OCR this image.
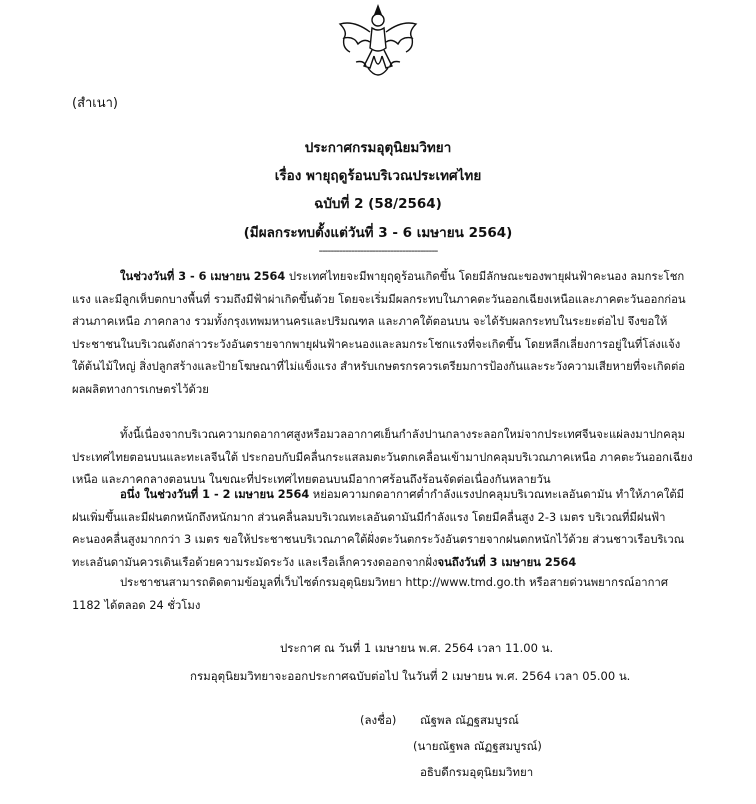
(สำเนา)
ประกาศกรมอุตุนิยมวิทยา
เรื่อง พายุฤดูร้อนบริเวณประเทศไทย
ฉบับที่ 2 (58/2564)
(มีผลกระทบตั้งแต่วันที่ 3 - 6 เมษายน 2564)
----------------------------------------
ในช่วงวันที่ 3 - 6 เมษายน 2564 ประเทศไทยจะมีพายุฤดูร้อนเกิดขึ้น โดยมีลักษณะของพายุฝนฟ้าคะนอง ลมกระโชกแรง และมีลูกเห็บตกบางพื้นที่ รวมถึงมีฟ้าผ่าเกิดขึ้นด้วย โดยจะเริ่มมีผลกระทบในภาคตะวันออกเฉียงเหนือและภาคตะวันออกก่อน ส่วนภาคเหนือ ภาคกลาง รวมทั้งกรุงเทพมหานครและปริมณฑล และภาคใต้ตอนบน จะได้รับผลกระทบในระยะต่อไป จึงขอให้ประชาชนในบริเวณดังกล่าวระวังอันตรายจากพายุฝนฟ้าคะนองและลมกระโชกแรงที่จะเกิดขึ้น โดยหลีกเลี่ยงการอยู่ในที่โล่งแจ้ง ใต้ต้นไม้ใหญ่ สิ่งปลูกสร้างและป้ายโฆษณาที่ไม่แข็งแรง สำหรับเกษตรกรควรเตรียมการป้องกันและระวังความเสียหายที่จะเกิดต่อผลผลิตทางการเกษตรไว้ด้วย
ทั้งนี้เนื่องจากบริเวณความกดอากาศสูงหรือมวลอากาศเย็นกำลังปานกลางระลอกใหม่จากประเทศจีนจะแผ่ลงมาปกคลุมประเทศไทยตอนบนและทะเลจีนใต้ ประกอบกับมีคลื่นกระแสลมตะวันตกเคลื่อนเข้ามาปกคลุมบริเวณภาคเหนือ ภาคตะวันออกเฉียงเหนือ และภาคกลางตอนบน ในขณะที่ประเทศไทยตอนบนมีอากาศร้อนถึงร้อนจัดต่อเนื่องกันหลายวัน
อนึ่ง ในช่วงวันที่ 1 - 2 เมษายน 2564 หย่อมความกดอากาศต่ำกำลังแรงปกคลุมบริเวณทะเลอันดามัน ทำให้ภาคใต้มีฝนเพิ่มขึ้นและมีฝนตกหนักถึงหนักมาก ส่วนคลื่นลมบริเวณทะเลอันดามันมีกำลังแรง โดยมีคลื่นสูง 2-3 เมตร บริเวณที่มีฝนฟ้าคะนองคลื่นสูงมากกว่า 3 เมตร ขอให้ประชาชนบริเวณภาคใต้ฝั่งตะวันตกระวังอันตรายจากฝนตกหนักไว้ด้วย ส่วนชาวเรือบริเวณทะเลอันดามันควรเดินเรือด้วยความระมัดระวัง และเรือเล็กควรงดออกจากฝั่งจนถึงวันที่ 3 เมษายน 2564
ประชาชนสามารถติดตามข้อมูลที่เว็บไซต์กรมอุตุนิยมวิทยา http://www.tmd.go.th หรือสายด่วนพยากรณ์อากาศ 1182 ได้ตลอด 24 ชั่วโมง
ประกาศ ณ วันที่ 1 เมษายน พ.ศ. 2564 เวลา 11.00 น.
กรมอุตุนิยมวิทยาจะออกประกาศฉบับต่อไป ในวันที่ 2 เมษายน พ.ศ. 2564 เวลา 05.00 น.
(ลงชื่อ) ณัฐพล ณัฏฐสมบูรณ์
(นายณัฐพล ณัฏฐสมบูรณ์)
อธิบดีกรมอุตุนิยมวิทยา
